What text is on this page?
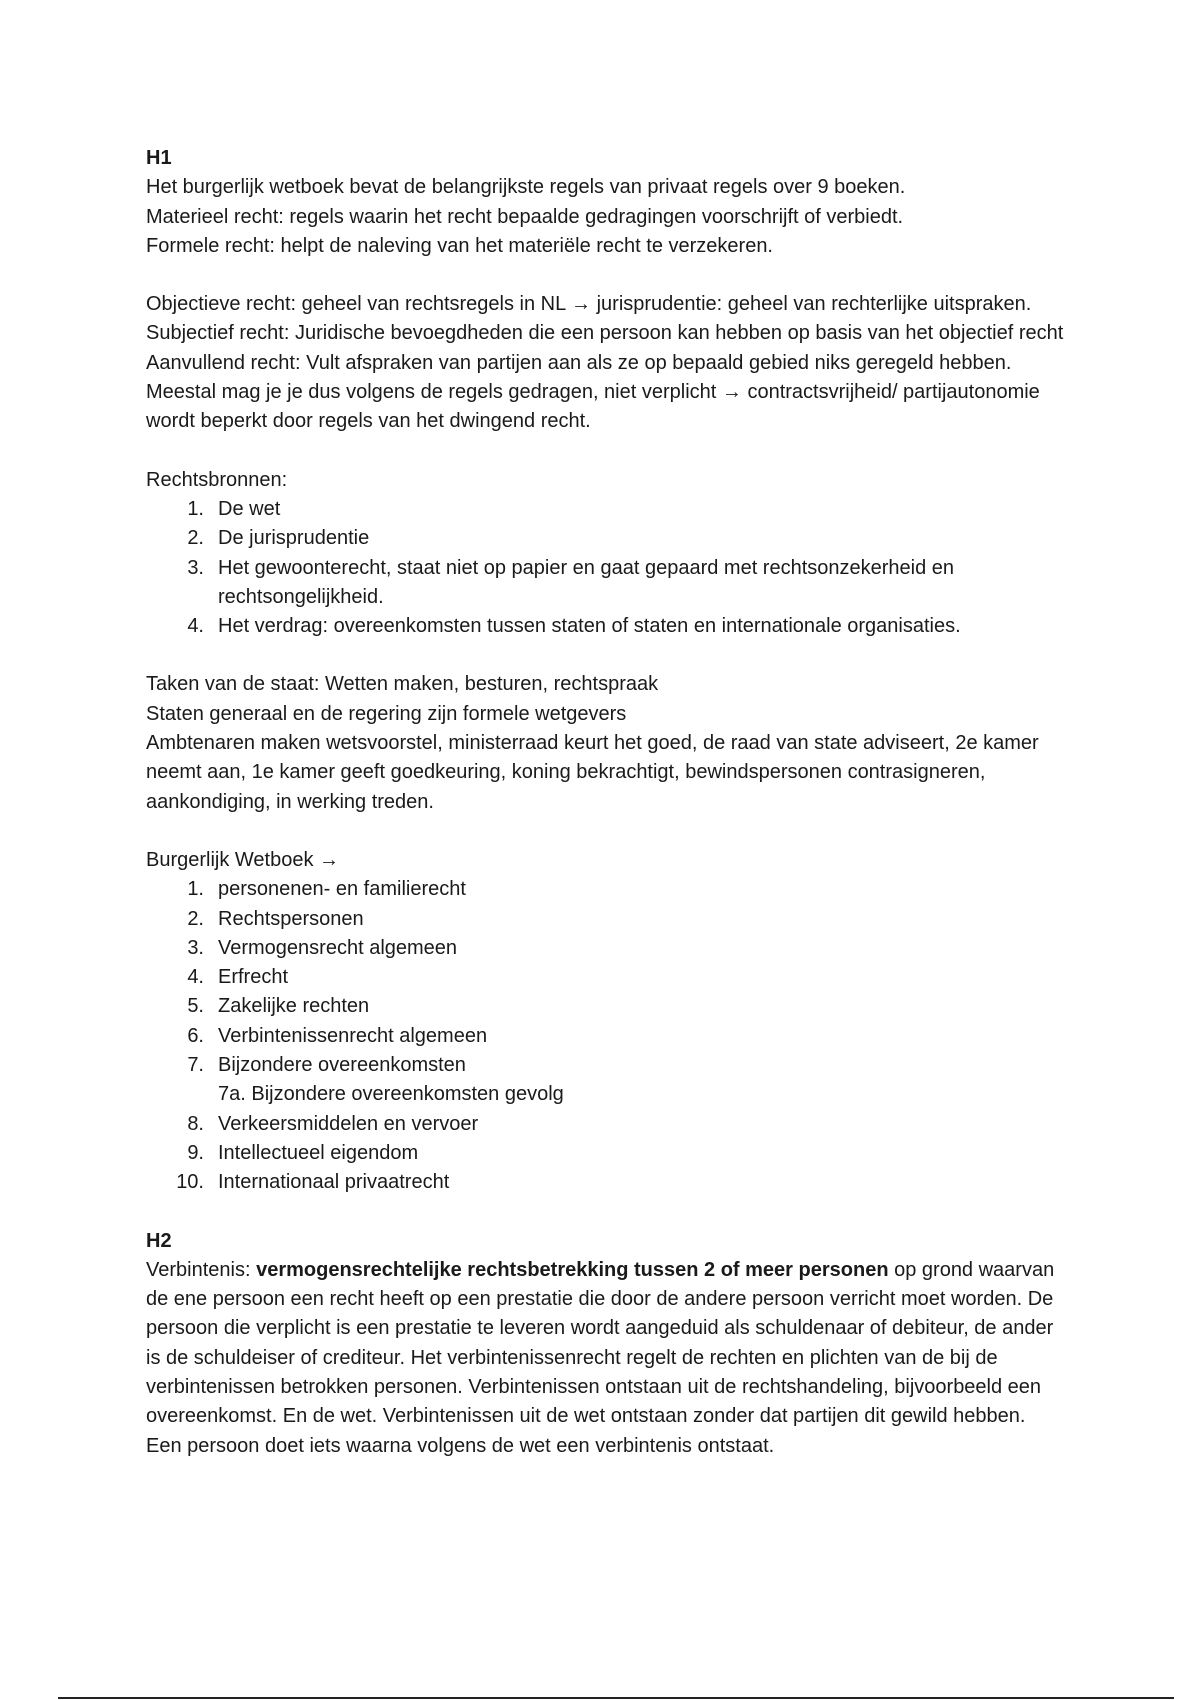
H1

Het burgerlijk wetboek bevat de belangrijkste regels van privaat regels over 9 boeken.

Materieel recht: regels waarin het recht bepaalde gedragingen voorschrijft of verbiedt.

Formele recht: helpt de naleving van het materiële recht te verzekeren.

Objectieve recht: geheel van rechtsregels in NL → jurisprudentie: geheel van rechterlijke uitspraken.

Subjectief recht: Juridische bevoegdheden die een persoon kan hebben op basis van het objectief recht

Aanvullend recht: Vult afspraken van partijen aan als ze op bepaald gebied niks geregeld hebben. Meestal mag je je dus volgens de regels gedragen, niet verplicht → contractsvrijheid/ partijautonomie wordt beperkt door regels van het dwingend recht.

Rechtsbronnen:

1. De wet
2. De jurisprudentie
3. Het gewoonterecht, staat niet op papier en gaat gepaard met rechtsonzekerheid en rechtsongelijkheid.
4. Het verdrag: overeenkomsten tussen staten of staten en internationale organisaties.

Taken van de staat: Wetten maken, besturen, rechtspraak

Staten generaal en de regering zijn formele wetgevers

Ambtenaren maken wetsvoorstel, ministerraad keurt het goed, de raad van state adviseert, 2e kamer neemt aan, 1e kamer geeft goedkeuring, koning bekrachtigt, bewindspersonen contrasigneren, aankondiging, in werking treden.

Burgerlijk Wetboek →

1. personenen- en familierecht
2. Rechtspersonen
3. Vermogensrecht algemeen
4. Erfrecht
5. Zakelijke rechten
6. Verbintenissenrecht algemeen
7. Bijzondere overeenkomsten
7a. Bijzondere overeenkomsten gevolg
8. Verkeersmiddelen en vervoer
9. Intellectueel eigendom
10. Internationaal privaatrecht

H2

Verbintenis: vermogensrechtelijke rechtsbetrekking tussen 2 of meer personen op grond waarvan de ene persoon een recht heeft op een prestatie die door de andere persoon verricht moet worden. De persoon die verplicht is een prestatie te leveren wordt aangeduid als schuldenaar of debiteur, de ander is de schuldeiser of crediteur. Het verbintenissenrecht regelt de rechten en plichten van de bij de verbintenissen betrokken personen. Verbintenissen ontstaan uit de rechtshandeling, bijvoorbeeld een overeenkomst. En de wet. Verbintenissen uit de wet ontstaan zonder dat partijen dit gewild hebben. Een persoon doet iets waarna volgens de wet een verbintenis ontstaat.
